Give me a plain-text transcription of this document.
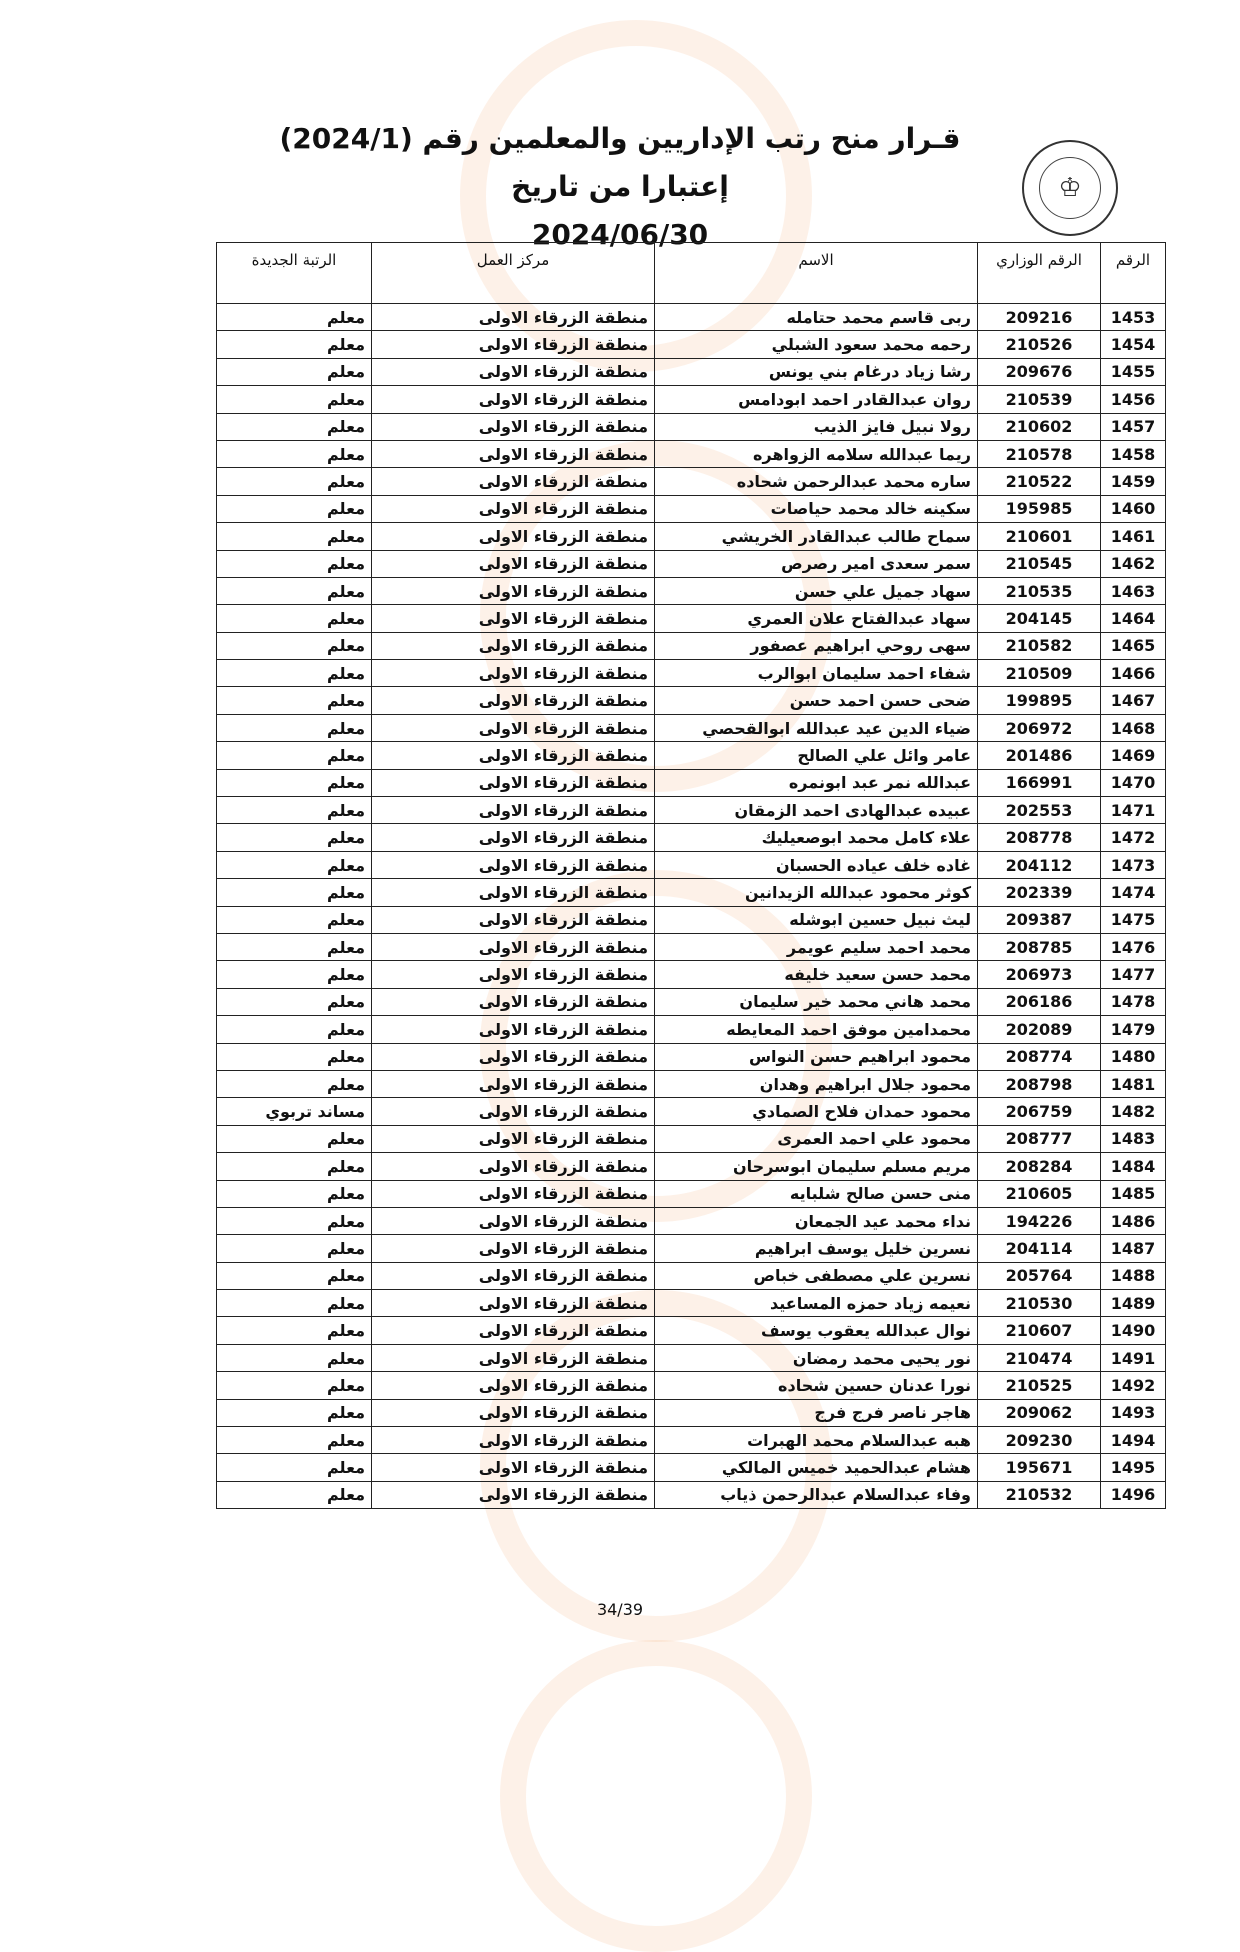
♔
قـرار منح رتب الإداريين والمعلمين رقم (2024/1) إعتبارا من تاريخ
2024/06/30
الرقم	الرقم الوزاري	الاسم	مركز العمل	الرتبة الجديدة
1453	209216	ربى قاسم محمد حتامله	منطقة الزرقاء الاولى	معلم
1454	210526	رحمه محمد سعود الشبلي	منطقة الزرقاء الاولى	معلم
1455	209676	رشا زياد درغام بني يونس	منطقة الزرقاء الاولى	معلم
1456	210539	روان عبدالقادر احمد ابودامس	منطقة الزرقاء الاولى	معلم
1457	210602	رولا نبيل فايز الذيب	منطقة الزرقاء الاولى	معلم
1458	210578	ريما عبدالله سلامه الزواهره	منطقة الزرقاء الاولى	معلم
1459	210522	ساره محمد عبدالرحمن شحاده	منطقة الزرقاء الاولى	معلم
1460	195985	سكينه خالد محمد حياصات	منطقة الزرقاء الاولى	معلم
1461	210601	سماح طالب عبدالقادر الخريشي	منطقة الزرقاء الاولى	معلم
1462	210545	سمر سعدى امير رصرص	منطقة الزرقاء الاولى	معلم
1463	210535	سهاد جميل علي حسن	منطقة الزرقاء الاولى	معلم
1464	204145	سهاد عبدالفتاح علان العمري	منطقة الزرقاء الاولى	معلم
1465	210582	سهى روحي ابراهيم عصفور	منطقة الزرقاء الاولى	معلم
1466	210509	شفاء احمد سليمان ابوالرب	منطقة الزرقاء الاولى	معلم
1467	199895	ضحى حسن احمد حسن	منطقة الزرقاء الاولى	معلم
1468	206972	ضياء الدين عيد عبدالله ابوالقحصي	منطقة الزرقاء الاولى	معلم
1469	201486	عامر وائل علي الصالح	منطقة الزرقاء الاولى	معلم
1470	166991	عبدالله نمر عبد ابونمره	منطقة الزرقاء الاولى	معلم
1471	202553	عبيده عبدالهادى احمد الزمقان	منطقة الزرقاء الاولى	معلم
1472	208778	علاء كامل محمد ابوصعيليك	منطقة الزرقاء الاولى	معلم
1473	204112	غاده خلف عياده الحسبان	منطقة الزرقاء الاولى	معلم
1474	202339	كوثر محمود عبدالله الزيدانين	منطقة الزرقاء الاولى	معلم
1475	209387	ليث نبيل حسين ابوشله	منطقة الزرقاء الاولى	معلم
1476	208785	محمد احمد سليم عويمر	منطقة الزرقاء الاولى	معلم
1477	206973	محمد حسن سعيد خليفه	منطقة الزرقاء الاولى	معلم
1478	206186	محمد هاني محمد خير سليمان	منطقة الزرقاء الاولى	معلم
1479	202089	محمدامين موفق احمد المعايطه	منطقة الزرقاء الاولى	معلم
1480	208774	محمود ابراهيم حسن النواس	منطقة الزرقاء الاولى	معلم
1481	208798	محمود جلال ابراهيم وهدان	منطقة الزرقاء الاولى	معلم
1482	206759	محمود حمدان فلاح الصمادي	منطقة الزرقاء الاولى	مساند تربوي
1483	208777	محمود علي احمد العمرى	منطقة الزرقاء الاولى	معلم
1484	208284	مريم مسلم سليمان ابوسرحان	منطقة الزرقاء الاولى	معلم
1485	210605	منى حسن صالح شلبايه	منطقة الزرقاء الاولى	معلم
1486	194226	نداء محمد عيد الجمعان	منطقة الزرقاء الاولى	معلم
1487	204114	نسرين خليل يوسف ابراهيم	منطقة الزرقاء الاولى	معلم
1488	205764	نسرين علي مصطفى خباص	منطقة الزرقاء الاولى	معلم
1489	210530	نعيمه زياد حمزه المساعيد	منطقة الزرقاء الاولى	معلم
1490	210607	نوال عبدالله يعقوب يوسف	منطقة الزرقاء الاولى	معلم
1491	210474	نور يحيى محمد رمضان	منطقة الزرقاء الاولى	معلم
1492	210525	نورا عدنان حسين شحاده	منطقة الزرقاء الاولى	معلم
1493	209062	هاجر ناصر فرج فرج	منطقة الزرقاء الاولى	معلم
1494	209230	هبه عبدالسلام محمد الهبرات	منطقة الزرقاء الاولى	معلم
1495	195671	هشام عبدالحميد خميس المالكي	منطقة الزرقاء الاولى	معلم
1496	210532	وفاء عبدالسلام عبدالرحمن ذياب	منطقة الزرقاء الاولى	معلم
34/39
